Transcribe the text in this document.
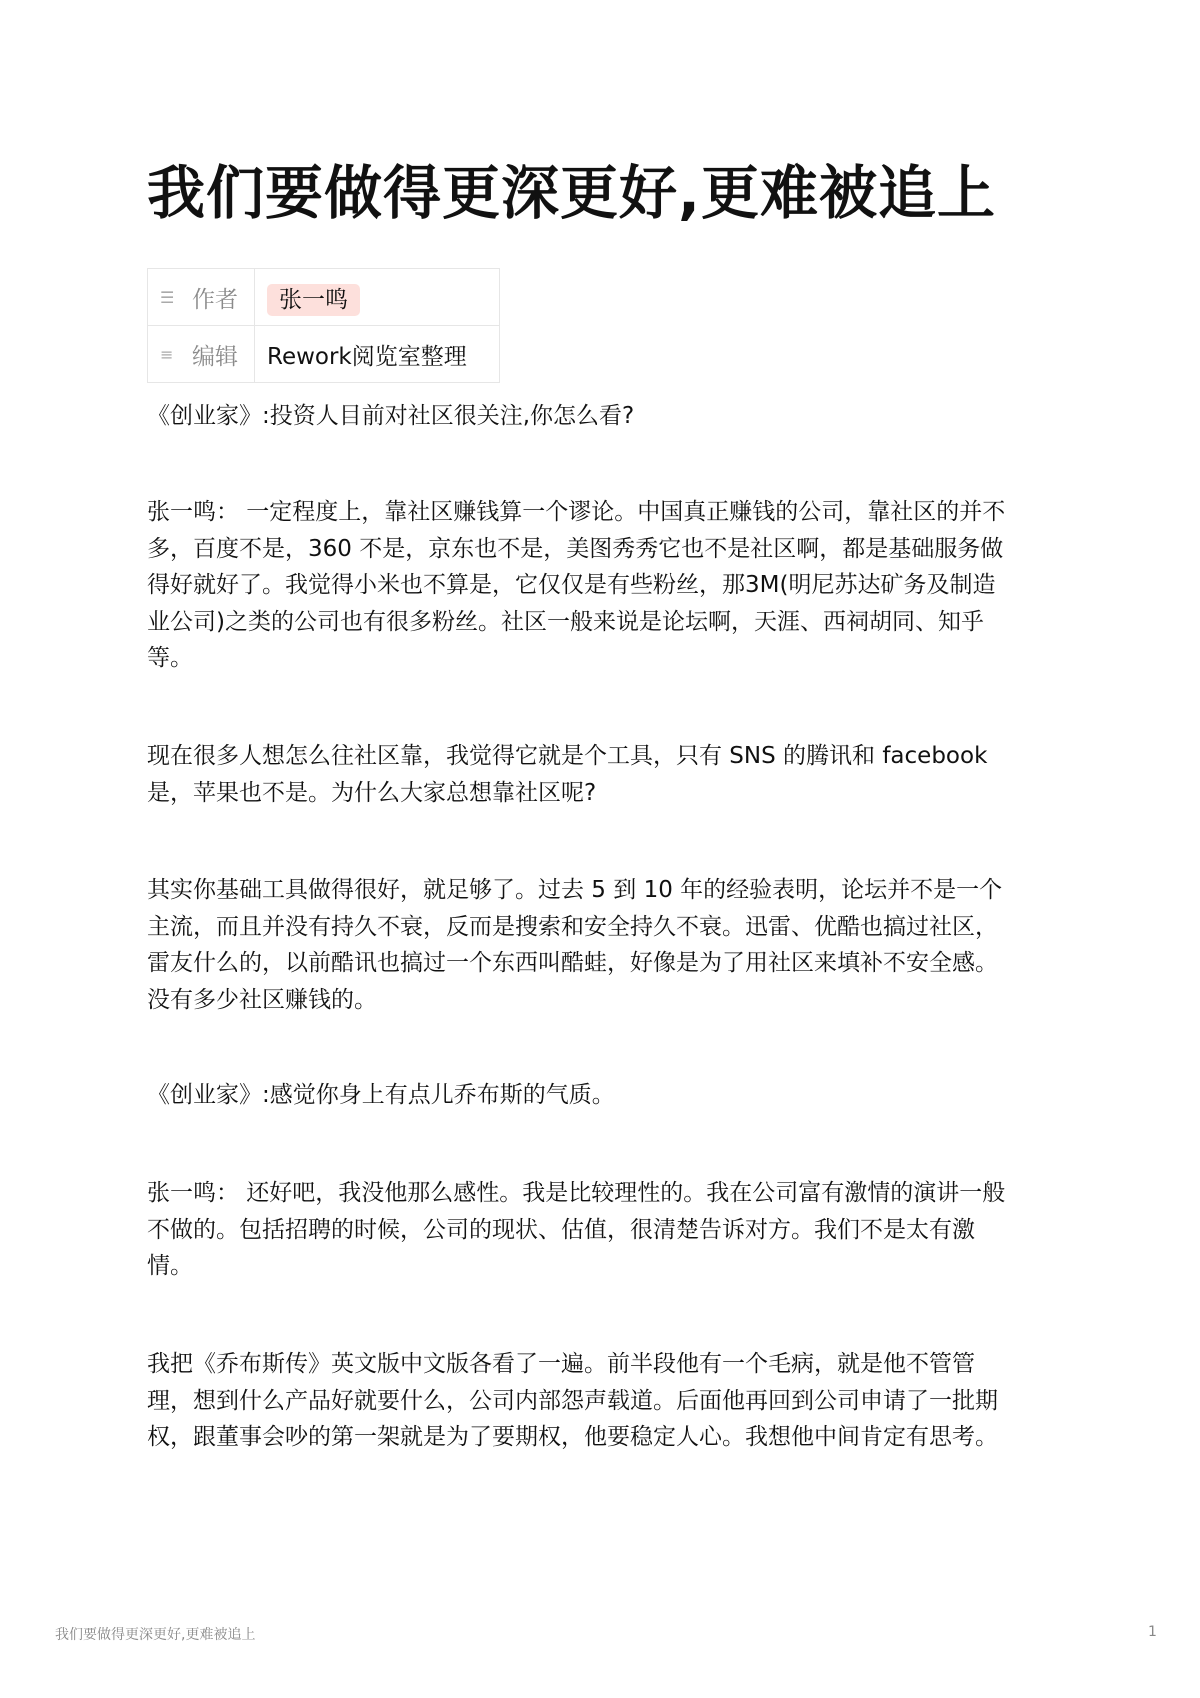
我们要做得更深更好,更难被追上
☰ 作者	张一鸣
≡ 编辑	Rework阅览室整理
《创业家》:投资人目前对社区很关注,你怎么看?
张一鸣： 一定程度上，靠社区赚钱算一个谬论。中国真正赚钱的公司，靠社区的并不
多，百度不是，360 不是，京东也不是，美图秀秀它也不是社区啊，都是基础服务做
得好就好了。我觉得小米也不算是，它仅仅是有些粉丝，那3M(明尼苏达矿务及制造
业公司)之类的公司也有很多粉丝。社区一般来说是论坛啊，天涯、西祠胡同、知乎
等。
现在很多人想怎么往社区靠，我觉得它就是个工具，只有 SNS 的腾讯和 facebook
是，苹果也不是。为什么大家总想靠社区呢?
其实你基础工具做得很好，就足够了。过去 5 到 10 年的经验表明，论坛并不是一个
主流，而且并没有持久不衰，反而是搜索和安全持久不衰。迅雷、优酷也搞过社区，
雷友什么的，以前酷讯也搞过一个东西叫酷蛙，好像是为了用社区来填补不安全感。
没有多少社区赚钱的。
《创业家》:感觉你身上有点儿乔布斯的气质。
张一鸣： 还好吧，我没他那么感性。我是比较理性的。我在公司富有激情的演讲一般
不做的。包括招聘的时候，公司的现状、估值，很清楚告诉对方。我们不是太有激
情。
我把《乔布斯传》英文版中文版各看了一遍。前半段他有一个毛病，就是他不管管
理，想到什么产品好就要什么，公司内部怨声载道。后面他再回到公司申请了一批期
权，跟董事会吵的第一架就是为了要期权，他要稳定人心。我想他中间肯定有思考。
我们要做得更深更好,更难被追上	1
